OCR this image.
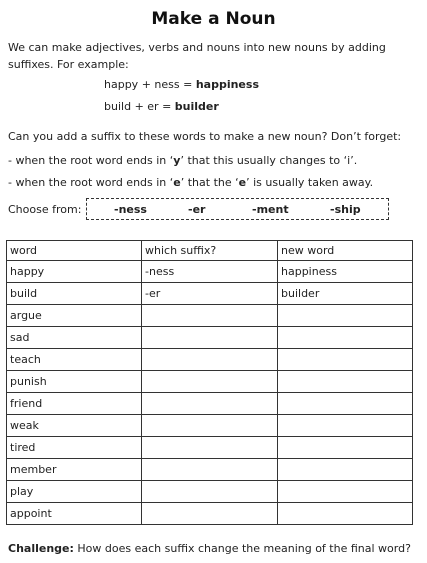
Make a Noun
We can make adjectives, verbs and nouns into new nouns by adding suffixes. For example:
happy + ness = happiness
build + er = builder
Can you add a suffix to these words to make a new noun? Don’t forget:
- when the root word ends in ‘y’ that this usually changes to ‘i’.
- when the root word ends in ‘e’ that the ‘e’ is usually taken away.
Choose from:	-ness	-er	-ment	-ship
word	which suffix?	new word
happy	-ness	happiness
build	-er	builder
argue		
sad		
teach		
punish		
friend		
weak		
tired		
member		
play		
appoint		
Challenge: How does each suffix change the meaning of the final word?
